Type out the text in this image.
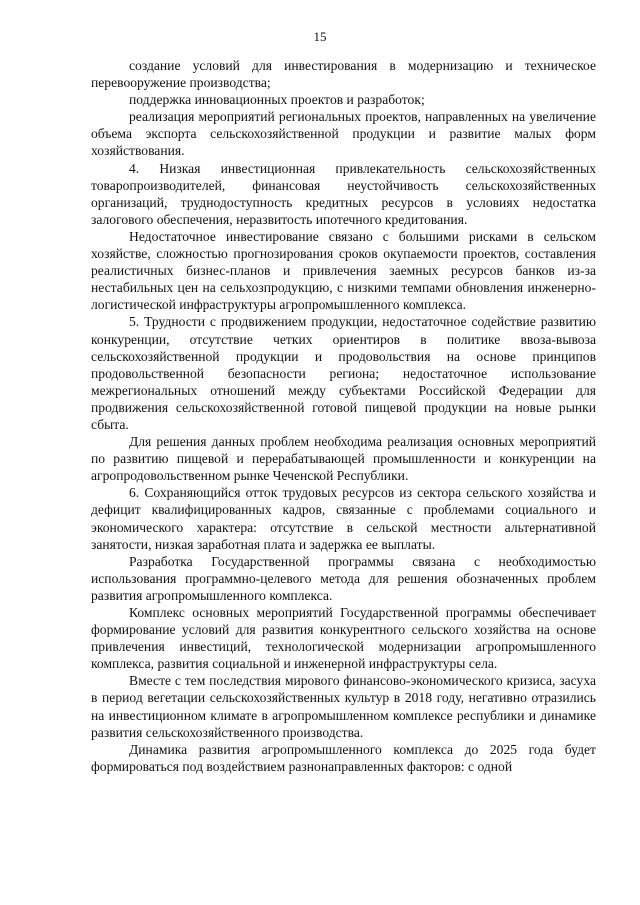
15

создание условий для инвестирования в модернизацию и техническое перевооружение производства;

поддержка инновационных проектов и разработок;

реализация мероприятий региональных проектов, направленных на увеличение объема экспорта сельскохозяйственной продукции и развитие малых форм хозяйствования.

4. Низкая инвестиционная привлекательность сельскохозяйственных товаропроизводителей, финансовая неустойчивость сельскохозяйственных организаций, труднодоступность кредитных ресурсов в условиях недостатка залогового обеспечения, неразвитость ипотечного кредитования.

Недостаточное инвестирование связано с большими рисками в сельском хозяйстве, сложностью прогнозирования сроков окупаемости проектов, составления реалистичных бизнес-планов и привлечения заемных ресурсов банков из-за нестабильных цен на сельхозпродукцию, с низкими темпами обновления инженерно-логистической инфраструктуры агропромышленного комплекса.

5. Трудности с продвижением продукции, недостаточное содействие развитию конкуренции, отсутствие четких ориентиров в политике ввоза-вывоза сельскохозяйственной продукции и продовольствия на основе принципов продовольственной безопасности региона; недостаточное использование межрегиональных отношений между субъектами Российской Федерации для продвижения сельскохозяйственной готовой пищевой продукции на новые рынки сбыта.

Для решения данных проблем необходима реализация основных мероприятий по развитию пищевой и перерабатывающей промышленности и конкуренции на агропродовольственном рынке Чеченской Республики.

6. Сохраняющийся отток трудовых ресурсов из сектора сельского хозяйства и дефицит квалифицированных кадров, связанные с проблемами социального и экономического характера: отсутствие в сельской местности альтернативной занятости, низкая заработная плата и задержка ее выплаты.

Разработка Государственной программы связана с необходимостью использования программно-целевого метода для решения обозначенных проблем развития агропромышленного комплекса.

Комплекс основных мероприятий Государственной программы обеспечивает формирование условий для развития конкурентного сельского хозяйства на основе привлечения инвестиций, технологической модернизации агропромышленного комплекса, развития социальной и инженерной инфраструктуры села.

Вместе с тем последствия мирового финансово-экономического кризиса, засуха в период вегетации сельскохозяйственных культур в 2018 году, негативно отразились на инвестиционном климате в агропромышленном комплексе республики и динамике развития сельскохозяйственного производства.

Динамика развития агропромышленного комплекса до 2025 года будет формироваться под воздействием разнонаправленных факторов: с одной
